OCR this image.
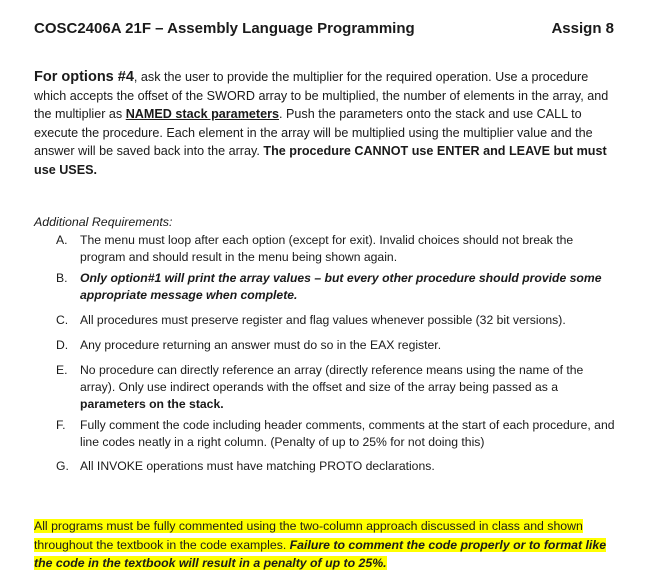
COSC2406A 21F – Assembly Language Programming	Assign 8

For options #4, ask the user to provide the multiplier for the required operation. Use a procedure which accepts the offset of the SWORD array to be multiplied, the number of elements in the array, and the multiplier as NAMED stack parameters. Push the parameters onto the stack and use CALL to execute the procedure. Each element in the array will be multiplied using the multiplier value and the answer will be saved back into the array. The procedure CANNOT use ENTER and LEAVE but must use USES.

Additional Requirements:

A. The menu must loop after each option (except for exit). Invalid choices should not break the program and should result in the menu being shown again.
B. Only option#1 will print the array values – but every other procedure should provide some appropriate message when complete.
C. All procedures must preserve register and flag values whenever possible (32 bit versions).
D. Any procedure returning an answer must do so in the EAX register.
E. No procedure can directly reference an array (directly reference means using the name of the array). Only use indirect operands with the offset and size of the array being passed as a parameters on the stack.
F. Fully comment the code including header comments, comments at the start of each procedure, and line codes neatly in a right column. (Penalty of up to 25% for not doing this)
G. All INVOKE operations must have matching PROTO declarations.

All programs must be fully commented using the two-column approach discussed in class and shown throughout the textbook in the code examples. Failure to comment the code properly or to format like the code in the textbook will result in a penalty of up to 25%.
